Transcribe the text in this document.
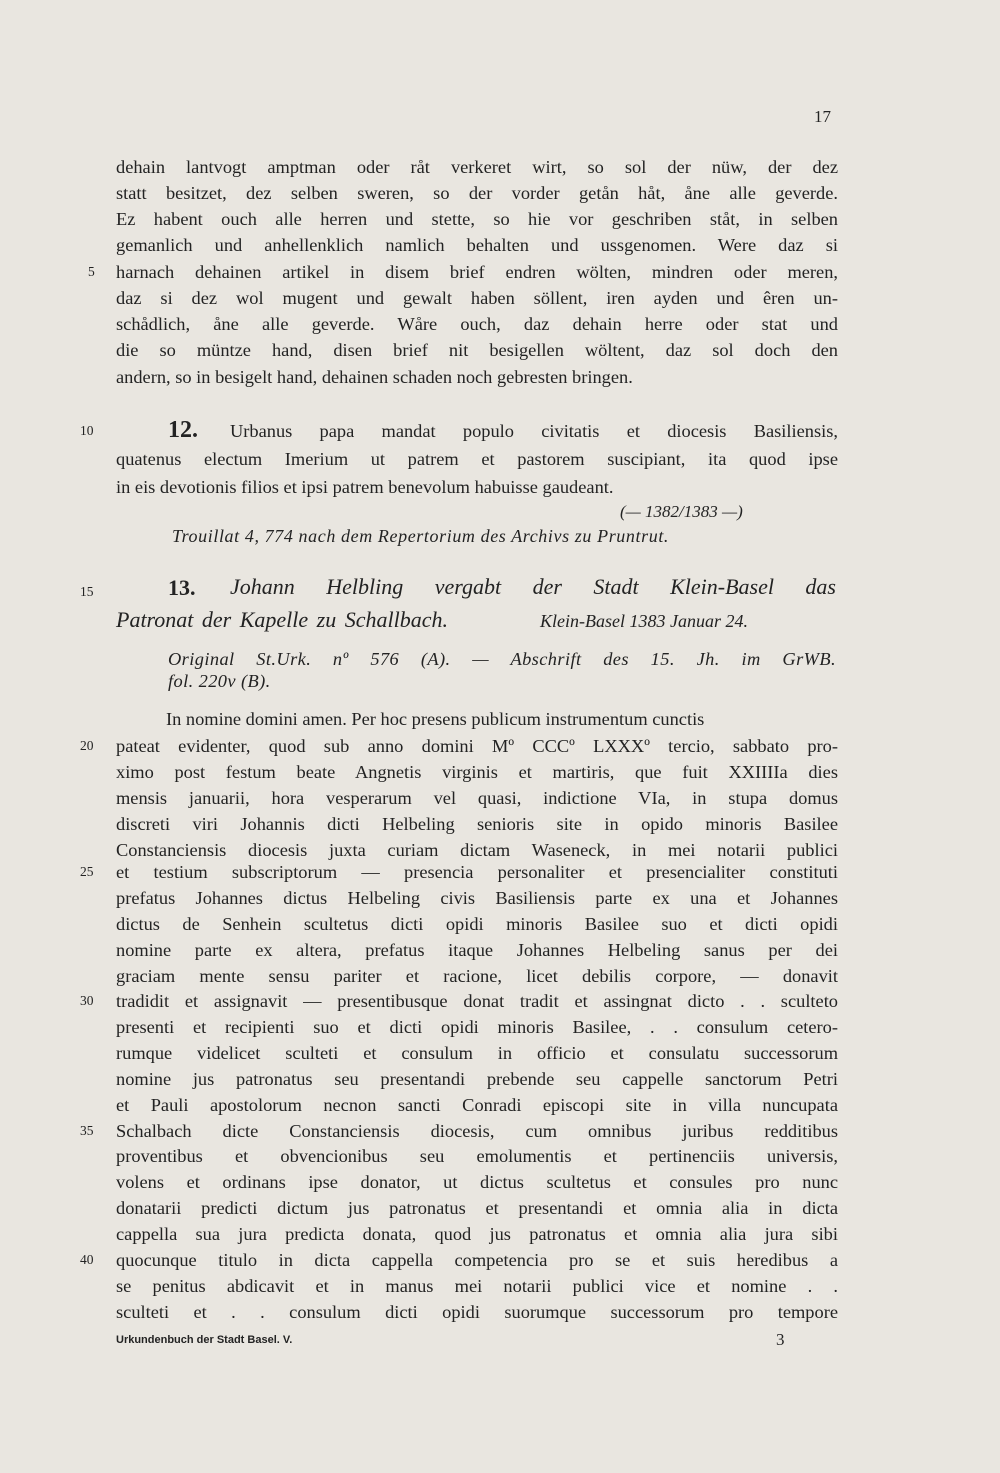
17
dehain lantvogt amptman oder råt verkeret wirt, so sol der nüw, der dez
statt besitzet, dez selben sweren, so der vorder getån håt, åne alle geverde.
Ez habent ouch alle herren und stette, so hie vor geschriben ståt, in selben
gemanlich und anhellenklich namlich behalten und ussgenomen. Were daz si
harnach dehainen artikel in disem brief endren wölten, mindren oder meren,
daz si dez wol mugent und gewalt haben söllent, iren ayden und êren un-
schådlich, åne alle geverde. Wåre ouch, daz dehain herre oder stat und
die so müntze hand, disen brief nit besigellen wöltent, daz sol doch den
andern, so in besigelt hand, dehainen schaden noch gebresten bringen.
12. Urbanus papa mandat populo civitatis et diocesis Basiliensis,
quatenus electum Imerium ut patrem et pastorem suscipiant, ita quod ipse
in eis devotionis filios et ipsi patrem benevolum habuisse gaudeant.
(— 1382/1383 —)
Trouillat 4, 774 nach dem Repertorium des Archivs zu Pruntrut.
13. Johann Helbling vergabt der Stadt Klein-Basel das
Patronat der Kapelle zu Schallbach.	Klein-Basel 1383 Januar 24.
Original St.Urk. nº 576 (A). — Abschrift des 15. Jh. im GrWB.
fol. 220v (B).
In nomine domini amen. Per hoc presens publicum instrumentum cunctis
pateat evidenter, quod sub anno domini Mº CCCº LXXXº tercio, sabbato pro-
ximo post festum beate Angnetis virginis et martiris, que fuit XXIIIIa dies
mensis januarii, hora vesperarum vel quasi, indictione VIa, in stupa domus
discreti viri Johannis dicti Helbeling senioris site in opido minoris Basilee
Constanciensis diocesis juxta curiam dictam Waseneck, in mei notarii publici
et testium subscriptorum — presencia personaliter et presencialiter constituti
prefatus Johannes dictus Helbeling civis Basiliensis parte ex una et Johannes
dictus de Senhein scultetus dicti opidi minoris Basilee suo et dicti opidi
nomine parte ex altera, prefatus itaque Johannes Helbeling sanus per dei
graciam mente sensu pariter et racione, licet debilis corpore, — donavit
tradidit et assignavit — presentibusque donat tradit et assingnat dicto . . sculteto
presenti et recipienti suo et dicti opidi minoris Basilee, . . consulum cetero-
rumque videlicet sculteti et consulum in officio et consulatu successorum
nomine jus patronatus seu presentandi prebende seu cappelle sanctorum Petri
et Pauli apostolorum necnon sancti Conradi episcopi site in villa nuncupata
Schalbach dicte Constanciensis diocesis, cum omnibus juribus redditibus
proventibus et obvencionibus seu emolumentis et pertinenciis universis,
volens et ordinans ipse donator, ut dictus scultetus et consules pro nunc
donatarii predicti dictum jus patronatus et presentandi et omnia alia in dicta
cappella sua jura predicta donata, quod jus patronatus et omnia alia jura sibi
quocunque titulo in dicta cappella competencia pro se et suis heredibus a
se penitus abdicavit et in manus mei notarii publici vice et nomine . .
sculteti et . . consulum dicti opidi suorumque successorum pro tempore
5
10
15
20
25
30
35
40
Urkundenbuch der Stadt Basel. V.	3
